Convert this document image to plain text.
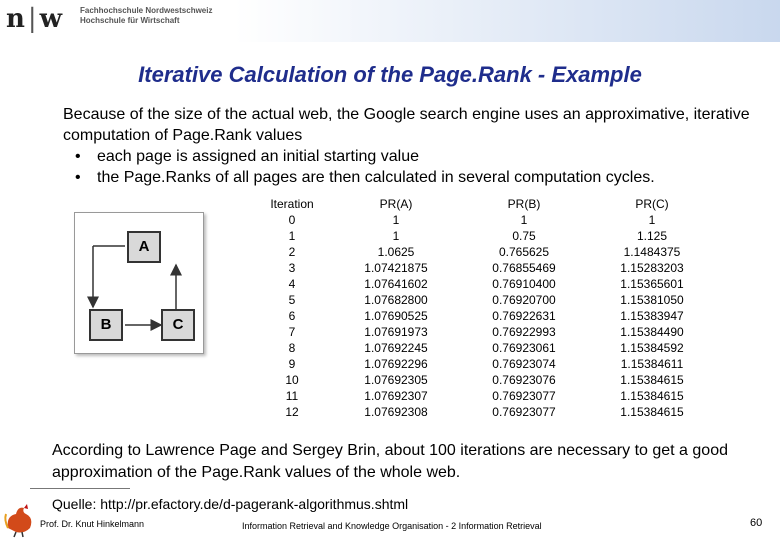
n|w	Fachhochschule Nordwestschweiz
Hochschule für Wirtschaft
Iterative Calculation of the Page.Rank - Example
Because of the size of the actual web, the Google search engine uses an approximative, iterative computation of Page.Rank values
• each page is assigned an initial starting value
• the Page.Ranks of all pages are then calculated in several computation cycles.
A
B	C
Iteration	PR(A)	PR(B)	PR(C)
0	1	1	1
1	1	0.75	1.125
2	1.0625	0.765625	1.1484375
3	1.07421875	0.76855469	1.15283203
4	1.07641602	0.76910400	1.15365601
5	1.07682800	0.76920700	1.15381050
6	1.07690525	0.76922631	1.15383947
7	1.07691973	0.76922993	1.15384490
8	1.07692245	0.76923061	1.15384592
9	1.07692296	0.76923074	1.15384611
10	1.07692305	0.76923076	1.15384615
11	1.07692307	0.76923077	1.15384615
12	1.07692308	0.76923077	1.15384615
According to Lawrence Page and Sergey Brin, about 100 iterations are necessary to get a good approximation of the Page.Rank values of the whole web.
Quelle: http://pr.efactory.de/d-pagerank-algorithmus.shtml
Prof. Dr. Knut Hinkelmann	Information Retrieval and Knowledge Organisation - 2 Information Retrieval	60
